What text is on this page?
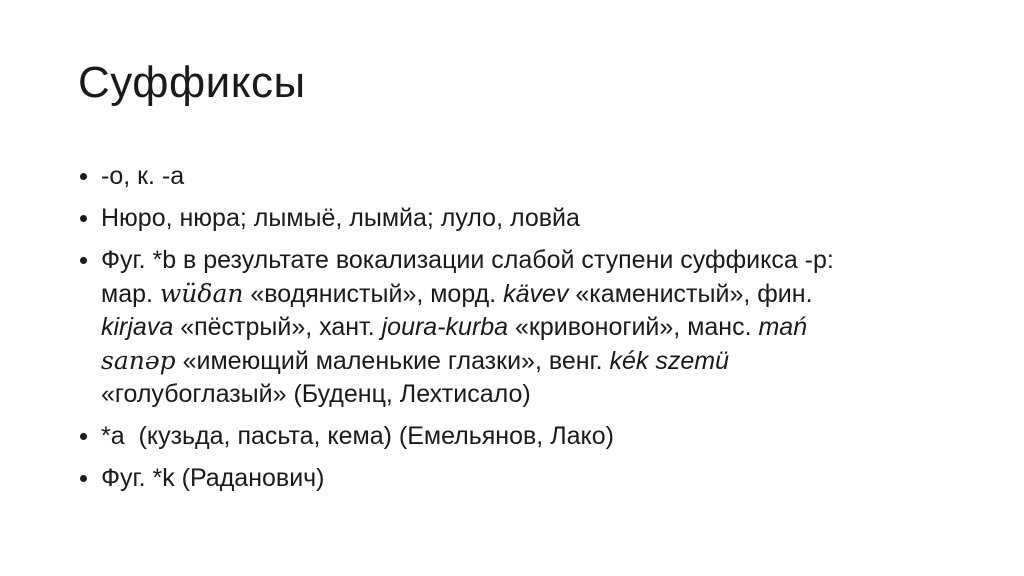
Суффиксы
-о, к. -а
Нюро, нюра; лымыё, лымйа; луло, ловйа
Фуг. *b в результате вокализации слабой ступени суффикса -p:
мар. wüδan «водянистый», морд. kävev «каменистый», фин.
kirjava «пёстрый», хант. joura-kurba «кривоногий», манс. mań
sanəp «имеющий маленькие глазки», венг. kék szemü
«голубоглазый» (Буденц, Лехтисало)
*а  (кузьда, пасьта, кема) (Емельянов, Лако)
Фуг. *k (Раданович)
